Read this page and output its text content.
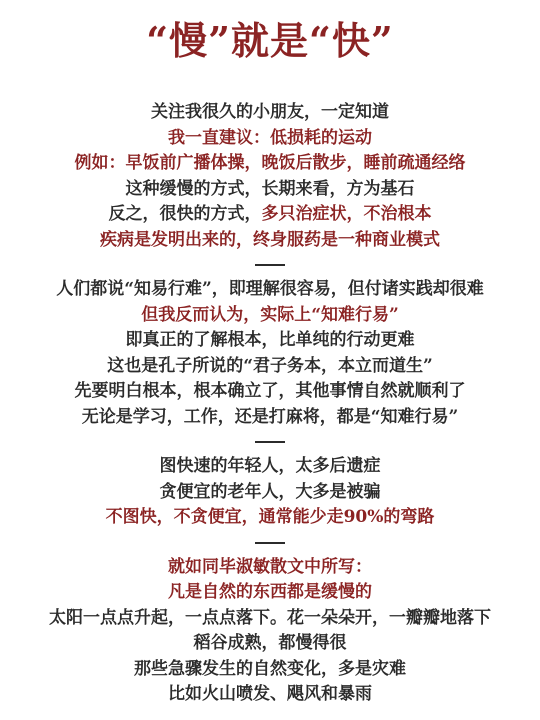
“慢”就是“快”
关注我很久的小朋友，一定知道
我一直建议：低损耗的运动
例如：早饭前广播体操，晚饭后散步，睡前疏通经络
这种缓慢的方式，长期来看，方为基石
反之，很快的方式，多只治症状，不治根本
疾病是发明出来的，终身服药是一种商业模式
人们都说“知易行难”，即理解很容易，但付诸实践却很难
但我反而认为，实际上“知难行易”
即真正的了解根本，比单纯的行动更难
这也是孔子所说的“君子务本，本立而道生”
先要明白根本，根本确立了，其他事情自然就顺利了
无论是学习，工作，还是打麻将，都是“知难行易”
图快速的年轻人，太多后遗症
贪便宜的老年人，大多是被骗
不图快，不贪便宜，通常能少走90%的弯路
就如同毕淑敏散文中所写：
凡是自然的东西都是缓慢的
太阳一点点升起，一点点落下。花一朵朵开，一瓣瓣地落下
稻谷成熟，都慢得很
那些急骤发生的自然变化，多是灾难
比如火山喷发、飓风和暴雨
